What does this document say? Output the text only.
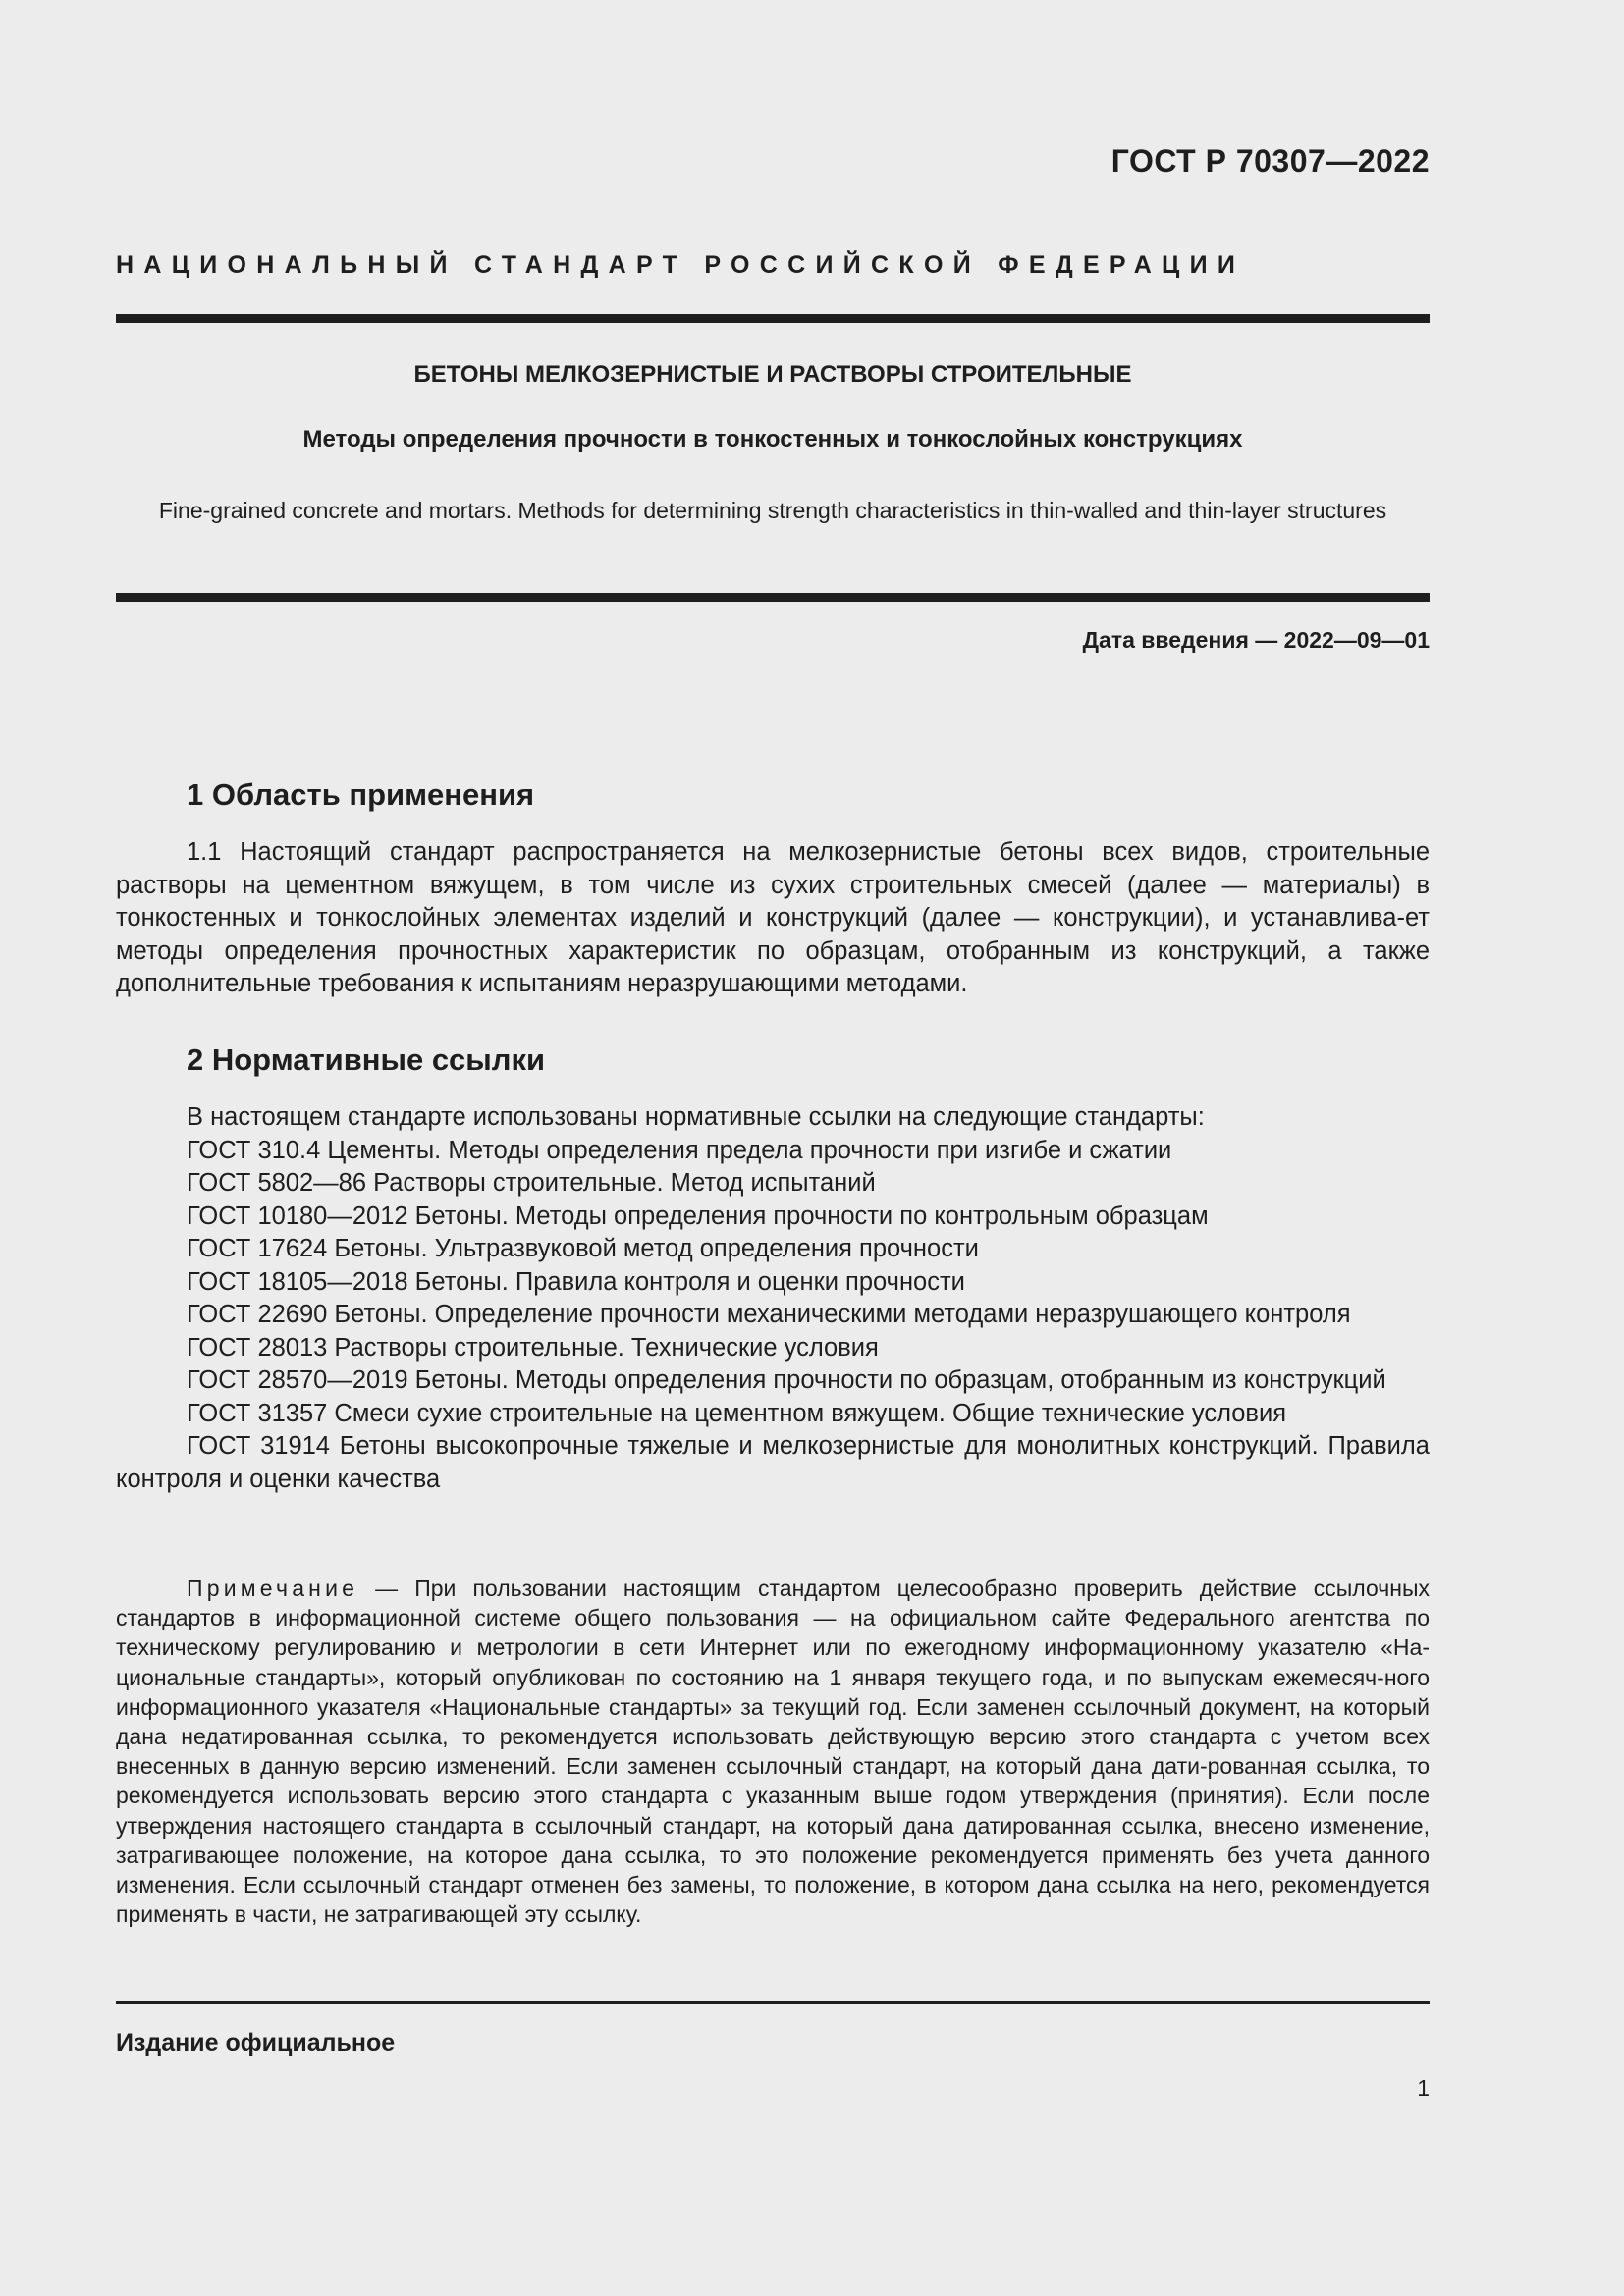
ГОСТ Р 70307—2022
НАЦИОНАЛЬНЫЙ СТАНДАРТ РОССИЙСКОЙ ФЕДЕРАЦИИ
БЕТОНЫ МЕЛКОЗЕРНИСТЫЕ И РАСТВОРЫ СТРОИТЕЛЬНЫЕ
Методы определения прочности в тонкостенных и тонкослойных конструкциях
Fine-grained concrete and mortars. Methods for determining strength characteristics in thin-walled and thin-layer structures
Дата введения — 2022—09—01
1 Область применения
1.1 Настоящий стандарт распространяется на мелкозернистые бетоны всех видов, строительные растворы на цементном вяжущем, в том числе из сухих строительных смесей (далее — материалы) в тонкостенных и тонкослойных элементах изделий и конструкций (далее — конструкции), и устанавлива-ет методы определения прочностных характеристик по образцам, отобранным из конструкций, а также дополнительные требования к испытаниям неразрушающими методами.
2 Нормативные ссылки
В настоящем стандарте использованы нормативные ссылки на следующие стандарты:
ГОСТ 310.4 Цементы. Методы определения предела прочности при изгибе и сжатии
ГОСТ 5802—86 Растворы строительные. Метод испытаний
ГОСТ 10180—2012 Бетоны. Методы определения прочности по контрольным образцам
ГОСТ 17624 Бетоны. Ультразвуковой метод определения прочности
ГОСТ 18105—2018 Бетоны. Правила контроля и оценки прочности
ГОСТ 22690 Бетоны. Определение прочности механическими методами неразрушающего контроля
ГОСТ 28013 Растворы строительные. Технические условия
ГОСТ 28570—2019 Бетоны. Методы определения прочности по образцам, отобранным из конструкций
ГОСТ 31357 Смеси сухие строительные на цементном вяжущем. Общие технические условия
ГОСТ 31914 Бетоны высокопрочные тяжелые и мелкозернистые для монолитных конструкций. Правила контроля и оценки качества
Примечание — При пользовании настоящим стандартом целесообразно проверить действие ссылочных стандартов в информационной системе общего пользования — на официальном сайте Федерального агентства по техническому регулированию и метрологии в сети Интернет или по ежегодному информационному указателю «На-циональные стандарты», который опубликован по состоянию на 1 января текущего года, и по выпускам ежемесяч-ного информационного указателя «Национальные стандарты» за текущий год. Если заменен ссылочный документ, на который дана недатированная ссылка, то рекомендуется использовать действующую версию этого стандарта с учетом всех внесенных в данную версию изменений. Если заменен ссылочный стандарт, на который дана дати-рованная ссылка, то рекомендуется использовать версию этого стандарта с указанным выше годом утверждения (принятия). Если после утверждения настоящего стандарта в ссылочный стандарт, на который дана датированная ссылка, внесено изменение, затрагивающее положение, на которое дана ссылка, то это положение рекомендуется применять без учета данного изменения. Если ссылочный стандарт отменен без замены, то положение, в котором дана ссылка на него, рекомендуется применять в части, не затрагивающей эту ссылку.
Издание официальное
1
